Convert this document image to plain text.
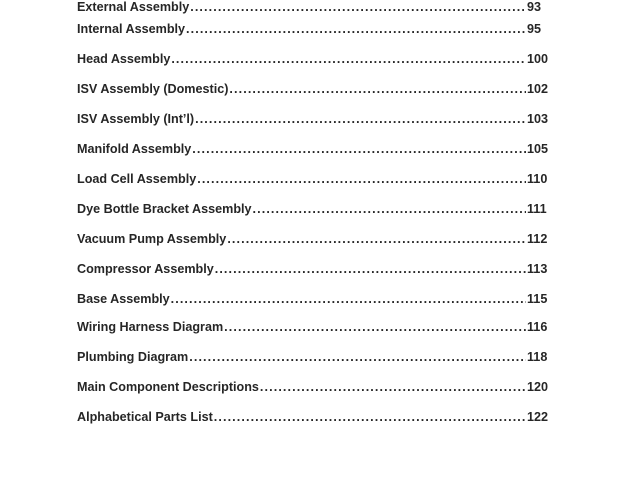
External Assembly .....	93
Internal Assembly .....	95
Head Assembly .....	100
ISV Assembly (Domestic) .....	102
ISV Assembly (Int’l) .....	103
Manifold Assembly .....	105
Load Cell Assembly .....	110
Dye Bottle Bracket Assembly .....	111
Vacuum Pump Assembly .....	112
Compressor Assembly .....	113
Base Assembly .....	115
Wiring Harness Diagram .....	116
Plumbing Diagram .....	118
Main Component Descriptions .....	120
Alphabetical Parts List .....	122
